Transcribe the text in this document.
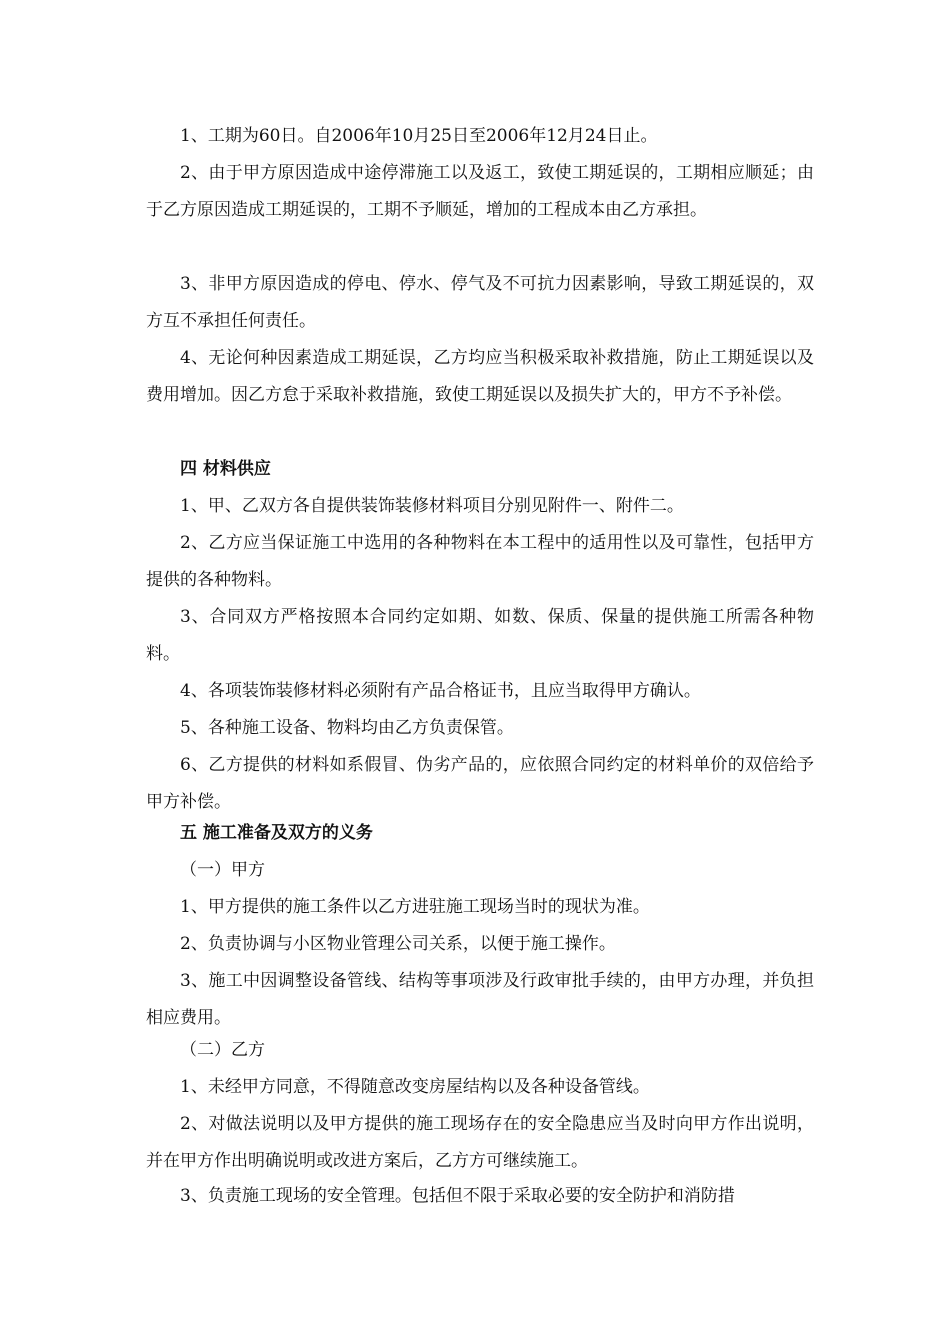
1、工期为60日。自2006年10月25日至2006年12月24日止。

2、由于甲方原因造成中途停滞施工以及返工，致使工期延误的，工期相应顺延；由于乙方原因造成工期延误的，工期不予顺延，增加的工程成本由乙方承担。

3、非甲方原因造成的停电、停水、停气及不可抗力因素影响，导致工期延误的，双方互不承担任何责任。

4、无论何种因素造成工期延误，乙方均应当积极采取补救措施，防止工期延误以及费用增加。因乙方怠于采取补救措施，致使工期延误以及损失扩大的，甲方不予补偿。

四 材料供应

1、甲、乙双方各自提供装饰装修材料项目分别见附件一、附件二。

2、乙方应当保证施工中选用的各种物料在本工程中的适用性以及可靠性，包括甲方提供的各种物料。

3、合同双方严格按照本合同约定如期、如数、保质、保量的提供施工所需各种物料。

4、各项装饰装修材料必须附有产品合格证书，且应当取得甲方确认。

5、各种施工设备、物料均由乙方负责保管。

6、乙方提供的材料如系假冒、伪劣产品的，应依照合同约定的材料单价的双倍给予甲方补偿。

五 施工准备及双方的义务

（一）甲方

1、甲方提供的施工条件以乙方进驻施工现场当时的现状为准。

2、负责协调与小区物业管理公司关系，以便于施工操作。

3、施工中因调整设备管线、结构等事项涉及行政审批手续的，由甲方办理，并负担相应费用。

（二）乙方

1、未经甲方同意，不得随意改变房屋结构以及各种设备管线。

2、对做法说明以及甲方提供的施工现场存在的安全隐患应当及时向甲方作出说明，并在甲方作出明确说明或改进方案后，乙方方可继续施工。

3、负责施工现场的安全管理。包括但不限于采取必要的安全防护和消防措
